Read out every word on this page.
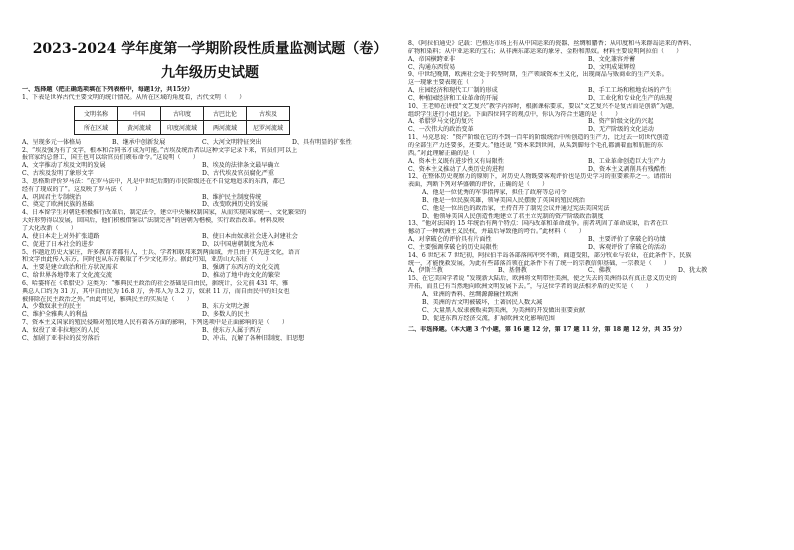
2023-2024 学年度第一学期阶段性质量监测试题（卷）
九年级历史试题

一、选择题（把正确选项填在下列表格中，每题1分，共15分）

1、下表是世界古代主要文明的统计情况。从所在区域的角度看，古代文明（　　）

文明名称	中国	古印度	古巴比伦	古埃及
所在区域	黄河流域	印度河流域	两河流域	尼罗河流域
A、呈现多元一体格局	B、继承中创新发展	C、大河文明特征突出	D、具有明显的扩张性

2、“埃及强为有了文字，根本和合同书才成为可能。”古埃及统治者以这种文字记录下来，官员们可以上

报官家约总督工，国王也可以给官员们颁布命令。”这说明（　　）

A、文字推动了埃及文明的发展	B、埃及的法律条文最早确立
C、古埃及发明了象形文字	D、古代埃及官员腐化严重

3、思格斯评价罗马法：“在罗马法中，凡是中世纪后期的市民阶级还在不自觉地追求的东西，都已

经有了现成的了”。这反映了罗马法（　　）

A、巩固君主专制统治	B、维护民主制度传统
C、奠定了欧洲民族的基础	D、改变欧洲历史的发展

4、日本留学生对朝廷积极推行改革后，制定法令，建立中央集权制国家，从而实现国家统一、文化繁荣的

大好形势得以发展，回国后，他们积极借鉴以“法制完善”的唐朝为楷模，实行政治改革。材料反映

了大化改新（　　）

A、使日本走上对外扩张道路	B、使日本由奴隶社会进入封建社会
C、促进了日本社会的进步	D、以中国唐朝制度为范本

5、作题近历史大家庄，许多教育者都有人，士兵、学者和联邦来到两面域，并且由于其先进文化，语言

和文字由此传入东方，同时也从东方吸取了不少文化养分。据此可知，亚历山大东征（　　）

A、主要是建立政治和仕方状况需求	B、强调了东西方的文化交流
C、给世界各地带来了文化流交流	D、推动了地中海文化的繁荣

6、哈霎将在《希腊史》这类为：“雅典民主政治的社会基础是自由民，据统计，公元前 431 年，雅

典总人口约为 31 万，其中自由民为 16.8 万，外邦人为 3.2 万，奴隶 11 万，而自由民中的妇女也

被排除在民主政治之外。”由此可见，雅典民主的实质是（　　）

A、少数奴隶主的民主	B、东方文明之源
C、维护全雅典人的利益	D、多数人的民主

7、资本主义国家的殖民侵略对殖民地人民有着各方面的影响，下列选项中是正面影响的是（　　）

A、奴役了亚非拉地区的人民	B、使东方人属于西方
C、加剧了亚非拉的贫穷落后	D、冲击、瓦解了各种旧制度、旧思想

8、《阿拉伯通史》记载：巴格达市场上有从中国运来的瓷器、丝绸和麝香；从印度和马来群岛运来的香料、

矿物和染料；从中亚运来的宝石；从非洲东部运来的象牙、金粉和黑奴。材料主要说明阿拉伯（　　）

A、帝国横跨亚非	B、文化兼容并蓄
C、沟通东西贸易	D、文明成果辉煌

9、中世纪晚期，欧洲社会处于转型时期，生产领域资本主义化，出现商品与贩商业的生产关系。

这一现象主要表现在（　　）

A、庄园经济和现代工厂制的形成	B、手工工场和租地农场的产生
C、种植园经济和工业革命的开展	D、工业化和专业化生产的出现

10、王老师在讲授“文艺复兴”教学内容时，根据课标要求，要以“文艺复兴不是复古而是创新”为题，

组织学生进行小组讨论。下面四位同学的观点中，你认为符合主题的是（　　）

A、希腊罗马文化的复兴	B、资产阶级文化的兴起
C、一次伟大的政治变革	D、无产阶级的文化运动

11、马克思说：“资产阶级在它的不到一百年的阶级统治中所创造的生产力，比过去一切世代创造

的全部生产力还要多，还要大。”他还说 “资本来到世间，从头到脚每个毛孔都滴着血和肮脏的东

西。”对此理解正确的是（　　）

A、资本主义既有进步性又有局限性	B、工业革命创造巨大生产力
C、资本主义推动了人类历史的进程	D、资本主义剥削具有残酷性

12、在整体历史观察力的原则下，对历史人物既要客观评价也是历史学习的重要素养之一。请指出

表面，判断下列对华盛顿的评价，正确的是（　　）

A、他是一位优秀的军事指挥家，担任了政府等总司令

B、他是一位民族英雄，领导美国人民摆脱了英国的殖民统治

C、他是一位出色的政治家，主持召开了制宪会议并通过宪法美国宪法

D、他领导美国人民创造性地建立了君主立宪制的资产阶级政治制度

13、“他对法国的 15 年统治有两个特点：国内改革和革命战争。前者巩固了革命成果，后者在巨

撼动了一种欧洲主义民权，并最后导致他的垮台。”此材料（　　）

A、对拿破仑的评价具有片面性	B、主要评价了拿破仑的功绩
C、主要强调拿破仑的历史局限性	D、客观评价了拿破仑的活动

14、6 世纪末 7 世纪初，阿拉伯半岛各部落间冲突不断，商道受阻，部分牧业与农业，在此条件下，民族

统一，才能挽救发展，为此有些部落首领在此条件下有了统一的宗教信仰基础，一宗教是（　　）

A、伊斯兰教	B、基督教	C、佛教	D、犹太教

15、在它美国学者说 “发现新大陆后，欧洲将文明带往美洲，使之失去的美洲得以有真正意义历史的

开拓，而且已有当然地向欧洲文明发展下去。”，与这位学者的说法相矛盾的史实是（　　）

A、亚洲的香料、丝绸源源输往欧洲

B、美洲的古文明被破坏，土著居民人数大减

C、大量黑人奴隶被贩卖到美洲，为美洲的开发做出重要贡献

D、促进东西方经济交流，扩展欧洲文化影响范围

二、非选择题。（本大题 3 个小题，第 16 题 12 分，第 17 题 11 分，第 18 题 12 分，共 35 分）
